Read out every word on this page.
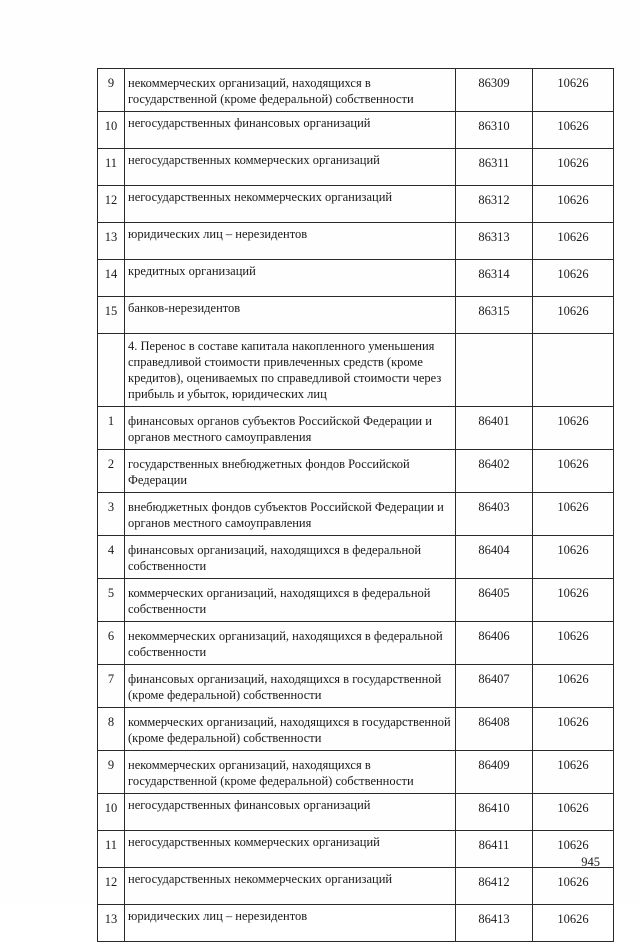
9	некоммерческих организаций, находящихся в государственной (кроме федеральной) собственности	86309	10626
10	негосударственных финансовых организаций	86310	10626
11	негосударственных коммерческих организаций	86311	10626
12	негосударственных некоммерческих организаций	86312	10626
13	юридических лиц – нерезидентов	86313	10626
14	кредитных организаций	86314	10626
15	банков-нерезидентов	86315	10626
	4. Перенос в составе капитала накопленного уменьшения справедливой стоимости привлеченных средств (кроме кредитов), оцениваемых по справедливой стоимости через прибыль и убыток, юридических лиц		
1	финансовых органов субъектов Российской Федерации и органов местного самоуправления	86401	10626
2	государственных внебюджетных фондов Российской Федерации	86402	10626
3	внебюджетных фондов субъектов Российской Федерации и органов местного самоуправления	86403	10626
4	финансовых организаций, находящихся в федеральной собственности	86404	10626
5	коммерческих организаций, находящихся в федеральной собственности	86405	10626
6	некоммерческих организаций, находящихся в федеральной собственности	86406	10626
7	финансовых организаций, находящихся в государственной (кроме федеральной) собственности	86407	10626
8	коммерческих организаций, находящихся в государственной (кроме федеральной) собственности	86408	10626
9	некоммерческих организаций, находящихся в государственной (кроме федеральной) собственности	86409	10626
10	негосударственных финансовых организаций	86410	10626
11	негосударственных коммерческих организаций	86411	10626
12	негосударственных некоммерческих организаций	86412	10626
13	юридических лиц – нерезидентов	86413	10626
945
